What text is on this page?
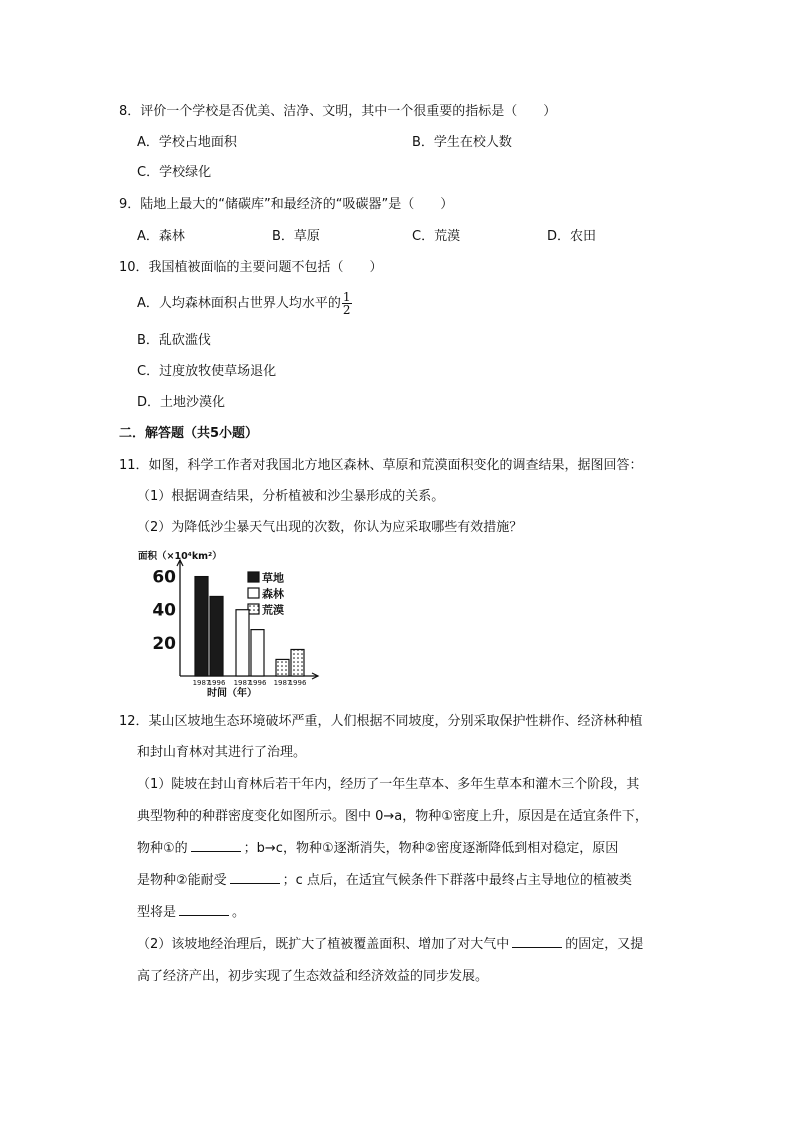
8．评价一个学校是否优美、洁净、文明，其中一个很重要的指标是（　　）
A．学校占地面积	B．学生在校人数
C．学校绿化
9．陆地上最大的“储碳库”和最经济的“吸碳器”是（　　）
A．森林	B．草原	C．荒漠	D．农田
10．我国植被面临的主要问题不包括（　　）
A．人均森林面积占世界人均水平的 $\frac{1}{2}$
B．乱砍滥伐
C．过度放牧使草场退化
D．土地沙漠化
二．解答题（共5小题）
11．如图，科学工作者对我国北方地区森林、草原和荒漠面积变化的调查结果，据图回答：
（1）根据调查结果，分析植被和沙尘暴形成的关系。
（2）为降低沙尘暴天气出现的次数，你认为应采取哪些有效措施？
面积（×10⁴km²）
20
40
60
1987
1996 1987
1996 1987
1996
时间（年）
草地
森林
荒漠
12．某山区坡地生态环境破坏严重，人们根据不同坡度，分别采取保护性耕作、经济林种植
和封山育林对其进行了治理。
（1）陡坡在封山育林后若干年内，经历了一年生草本、多年生草本和灌木三个阶段，其
典型物种的种群密度变化如图所示。图中 0→a，物种①密度上升，原因是在适宜条件下，
物种①的	；b→c，物种①逐渐消失，物种②密度逐渐降低到相对稳定，原因
是物种②能耐受	；c 点后，在适宜气候条件下群落中最终占主导地位的植被类
型将是	。
（2）该坡地经治理后，既扩大了植被覆盖面积、增加了对大气中	的固定，又提
高了经济产出，初步实现了生态效益和经济效益的同步发展。
